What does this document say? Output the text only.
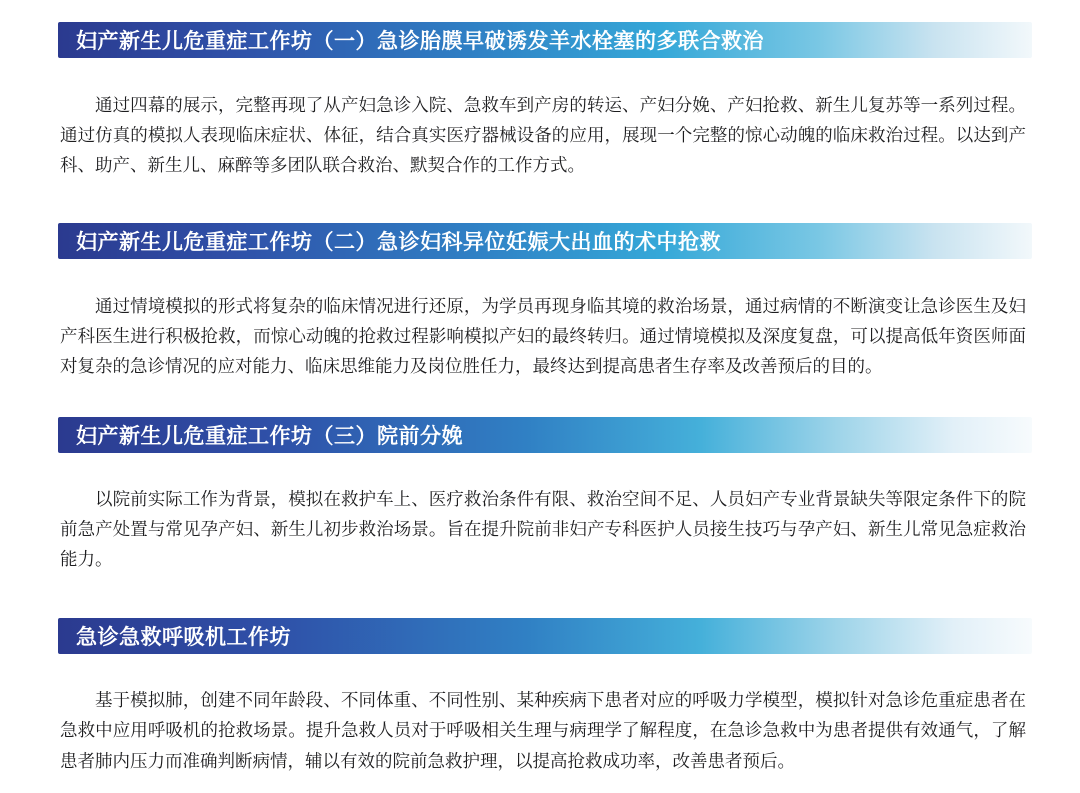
妇产新生儿危重症工作坊（一）急诊胎膜早破诱发羊水栓塞的多联合救治

通过四幕的展示，完整再现了从产妇急诊入院、急救车到产房的转运、产妇分娩、产妇抢救、新生儿复苏等一系列过程。通过仿真的模拟人表现临床症状、体征，结合真实医疗器械设备的应用，展现一个完整的惊心动魄的临床救治过程。以达到产科、助产、新生儿、麻醉等多团队联合救治、默契合作的工作方式。

妇产新生儿危重症工作坊（二）急诊妇科异位妊娠大出血的术中抢救

通过情境模拟的形式将复杂的临床情况进行还原，为学员再现身临其境的救治场景，通过病情的不断演变让急诊医生及妇产科医生进行积极抢救，而惊心动魄的抢救过程影响模拟产妇的最终转归。通过情境模拟及深度复盘，可以提高低年资医师面对复杂的急诊情况的应对能力、临床思维能力及岗位胜任力，最终达到提高患者生存率及改善预后的目的。

妇产新生儿危重症工作坊（三）院前分娩

以院前实际工作为背景，模拟在救护车上、医疗救治条件有限、救治空间不足、人员妇产专业背景缺失等限定条件下的院前急产处置与常见孕产妇、新生儿初步救治场景。旨在提升院前非妇产专科医护人员接生技巧与孕产妇、新生儿常见急症救治能力。

急诊急救呼吸机工作坊

基于模拟肺，创建不同年龄段、不同体重、不同性别、某种疾病下患者对应的呼吸力学模型，模拟针对急诊危重症患者在急救中应用呼吸机的抢救场景。提升急救人员对于呼吸相关生理与病理学了解程度，在急诊急救中为患者提供有效通气，了解患者肺内压力而准确判断病情，辅以有效的院前急救护理，以提高抢救成功率，改善患者预后。
